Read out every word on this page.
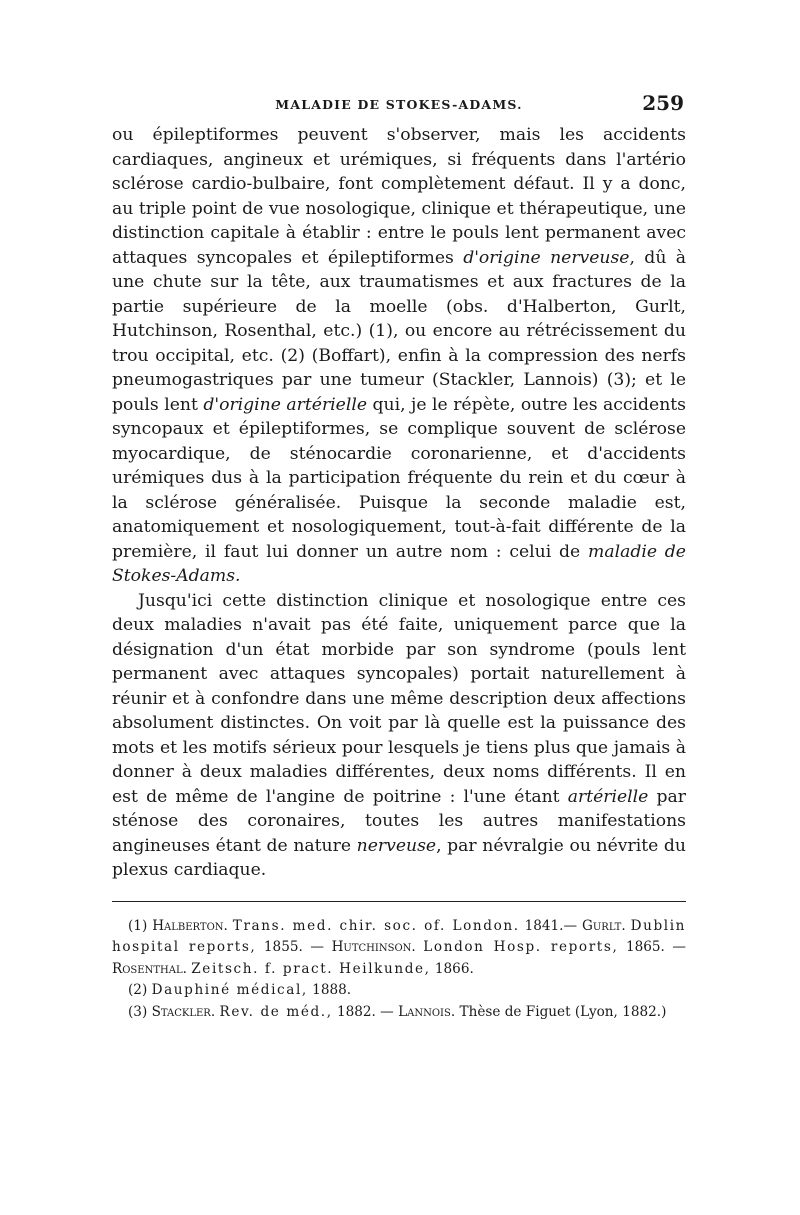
MALADIE DE STOKES-ADAMS.	259

ou épileptiformes peuvent s'observer, mais les accidents cardiaques, angineux et urémiques, si fréquents dans l'artério sclérose cardio-bulbaire, font complètement défaut. Il y a donc, au triple point de vue nosologique, clinique et thérapeutique, une distinction capitale à établir : entre le pouls lent permanent avec attaques syncopales et épileptiformes d'origine nerveuse, dû à une chute sur la tête, aux traumatismes et aux fractures de la partie supérieure de la moelle (obs. d'Halberton, Gurlt, Hutchinson, Rosenthal, etc.) (1), ou encore au rétrécissement du trou occipital, etc. (2) (Boffart), enfin à la compression des nerfs pneumogastriques par une tumeur (Stackler, Lannois) (3); et le pouls lent d'origine artérielle qui, je le répète, outre les accidents syncopaux et épileptiformes, se complique souvent de sclérose myocardique, de sténocardie coronarienne, et d'accidents urémiques dus à la participation fréquente du rein et du cœur à la sclérose généralisée. Puisque la seconde maladie est, anatomiquement et nosologiquement, tout-à-fait différente de la première, il faut lui donner un autre nom : celui de maladie de Stokes-Adams.

Jusqu'ici cette distinction clinique et nosologique entre ces deux maladies n'avait pas été faite, uniquement parce que la désignation d'un état morbide par son syndrome (pouls lent permanent avec attaques syncopales) portait naturellement à réunir et à confondre dans une même description deux affections absolument distinctes. On voit par là quelle est la puissance des mots et les motifs sérieux pour lesquels je tiens plus que jamais à donner à deux maladies différentes, deux noms différents. Il en est de même de l'angine de poitrine : l'une étant artérielle par sténose des coronaires, toutes les autres manifestations angineuses étant de nature nerveuse, par névralgie ou névrite du plexus cardiaque.

(1) Halberton. Trans. med. chir. soc. of. London. 1841.— Gurlt. Dublin hospital reports, 1855. — Hutchinson. London Hosp. reports, 1865. — Rosenthal. Zeitsch. f. pract. Heilkunde, 1866.

(2) Dauphiné médical, 1888.

(3) Stackler. Rev. de méd., 1882. — Lannois. Thèse de Figuet (Lyon, 1882.)
